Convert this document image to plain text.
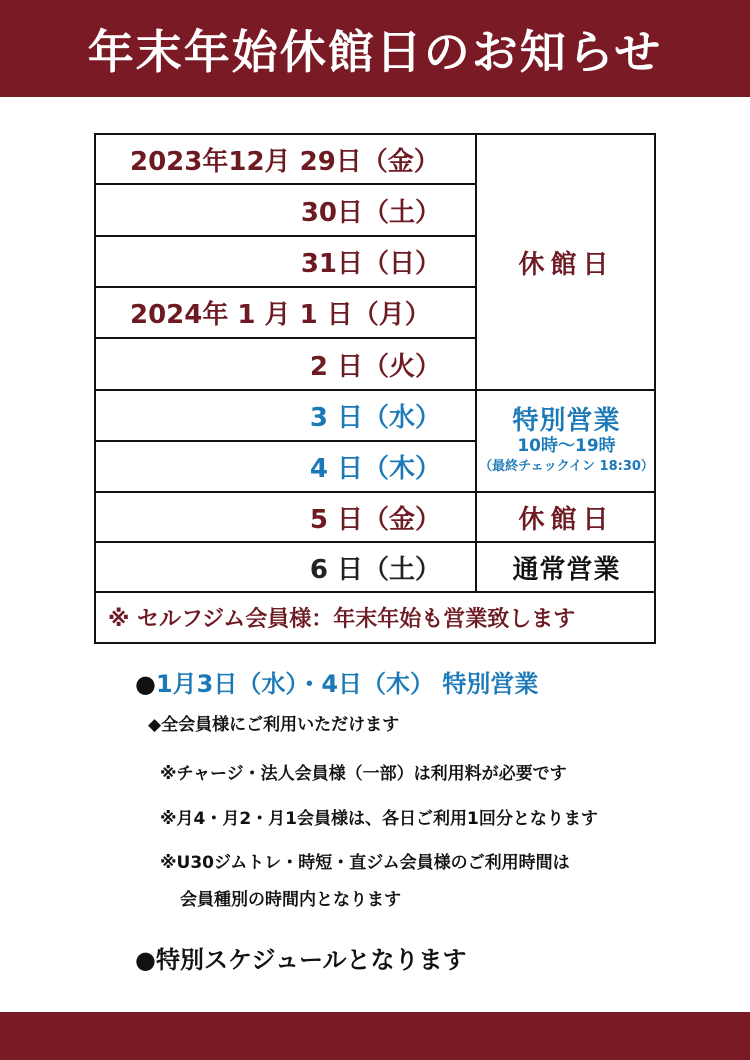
年末年始休館日のお知らせ
2023年12月 29日（金）
30日（土）
31日（日）
2024年 1 月 1 日（月）
2 日（火）
3 日（水）
4 日（木）
5 日（金）
6 日（土）
休館日
特別営業
10時～19時
（最終チェックイン 18:30）
休館日
通常営業
※ セルフジム会員様：年末年始も営業致します
●1月3日（水）・4日（木） 特別営業
◆全会員様にご利用いただけます
※チャージ・法人会員様（一部）は利用料が必要です
※月4・月2・月1会員様は、各日ご利用1回分となります
※U30ジムトレ・時短・直ジム会員様のご利用時間は
会員種別の時間内となります
●特別スケジュールとなります
